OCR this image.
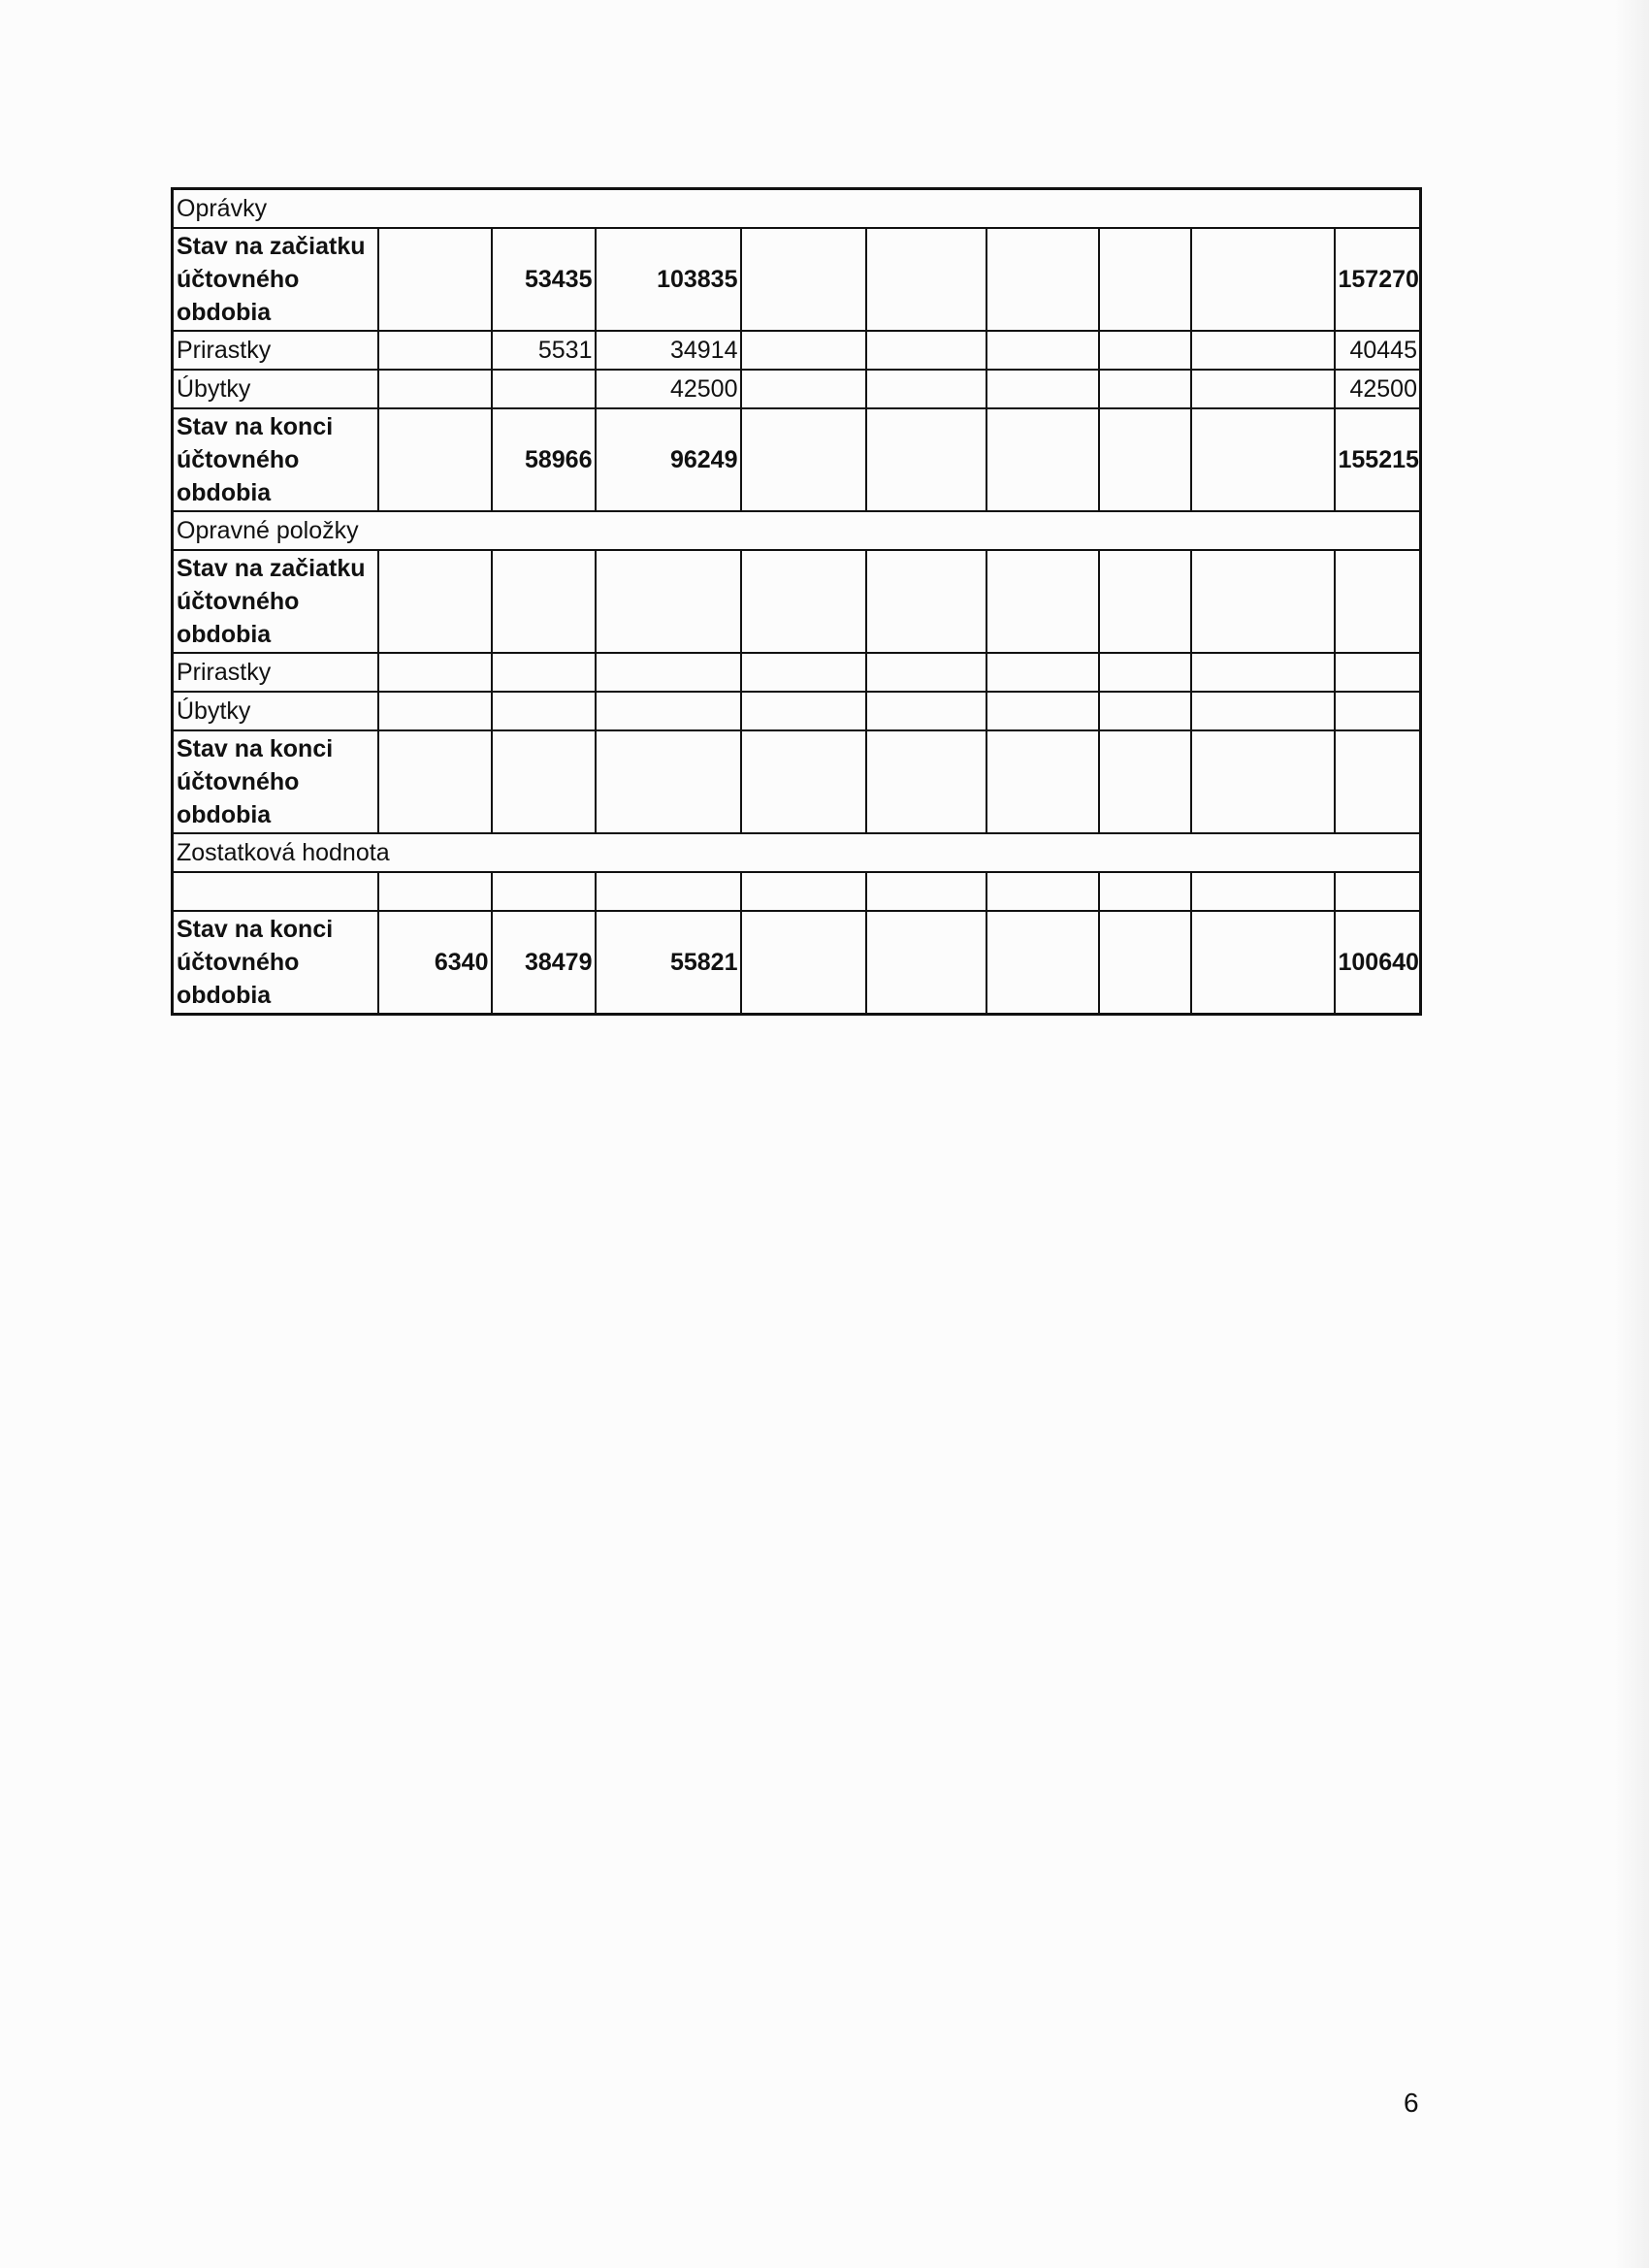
Oprávky									
Stav na začiatku účtovného obdobia		53435	103835						157270
Prirastky		5531	34914						40445
Úbytky			42500						42500
Stav na konci účtovného obdobia		58966	96249						155215
Opravné položky									
Stav na začiatku účtovného obdobia									
Prirastky									
Úbytky									
Stav na konci účtovného obdobia									
Zostatková hodnota									

Stav na konci účtovného obdobia	6340	38479	55821						100640
6
